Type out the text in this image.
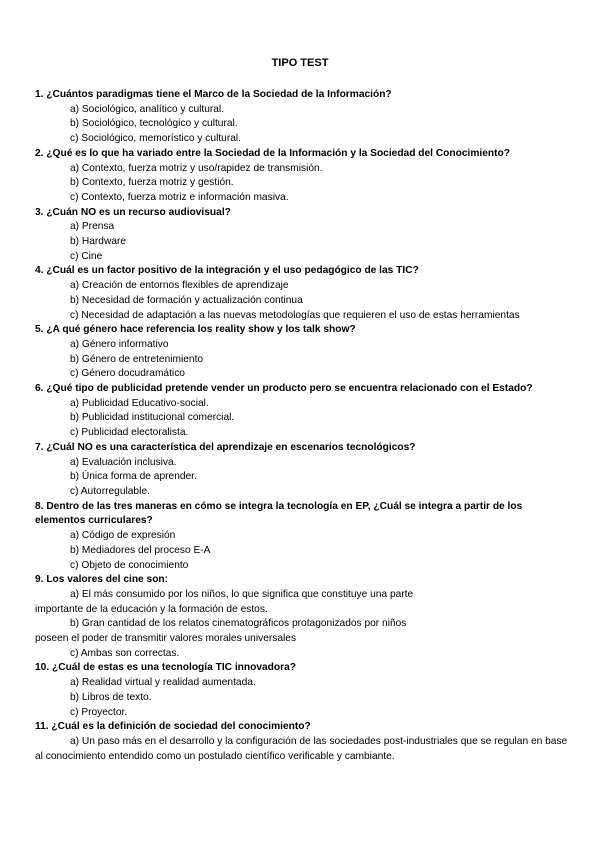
TIPO TEST
1. ¿Cuántos paradigmas tiene el Marco de la Sociedad de la Información?
a) Sociológico, analítico y cultural.
b) Sociológico, tecnológico y cultural.
c) Sociológico, memorístico y cultural.
2. ¿Qué es lo que ha variado entre la Sociedad de la Información y la Sociedad del Conocimiento?
a) Contexto, fuerza motriz y uso/rapidez de transmisión.
b) Contexto, fuerza motriz y gestión.
c) Contexto, fuerza motriz e información masiva.
3. ¿Cuán NO es un recurso audiovisual?
a) Prensa
b) Hardware
c) Cine
4. ¿Cuál es un factor positivo de la integración y el uso pedagógico de las TIC?
a) Creación de entornos flexibles de aprendizaje
b) Necesidad de formación y actualización continua
c) Necesidad de adaptación a las nuevas metodologías que requieren el uso de estas herramientas
5. ¿A qué género hace referencia los reality show y los talk show?
a) Género informativo
b) Género de entretenimiento
c) Género docudramático
6. ¿Qué tipo de publicidad pretende vender un producto pero se encuentra relacionado con el Estado?
a) Publicidad Educativo-social.
b) Publicidad institucional comercial.
c) Publicidad electoralista.
7. ¿Cuál NO es una característica del aprendizaje en escenarios tecnológicos?
a) Evaluación inclusiva.
b) Única forma de aprender.
c) Autorregulable.
8. Dentro de las tres maneras en cómo se integra la tecnología en EP, ¿Cuál se integra a partir de los elementos curriculares?
a) Código de expresión
b) Mediadores del proceso E-A
c) Objeto de conocimiento
9. Los valores del cine son:
a) El más consumido por los niños, lo que significa que constituye una parte
importante de la educación y la formación de estos.
b) Gran cantidad de los relatos cinematográficos protagonizados por niños
poseen el poder de transmitir valores morales universales
c) Ambas son correctas.
10. ¿Cuál de estas es una tecnología TIC innovadora?
a) Realidad virtual y realidad aumentada.
b) Libros de texto.
c) Proyector.
11. ¿Cuál es la definición de sociedad del conocimiento?
a) Un paso más en el desarrollo y la configuración de las sociedades post-industriales que se regulan en base al conocimiento entendido como un postulado científico verificable y cambiante.
